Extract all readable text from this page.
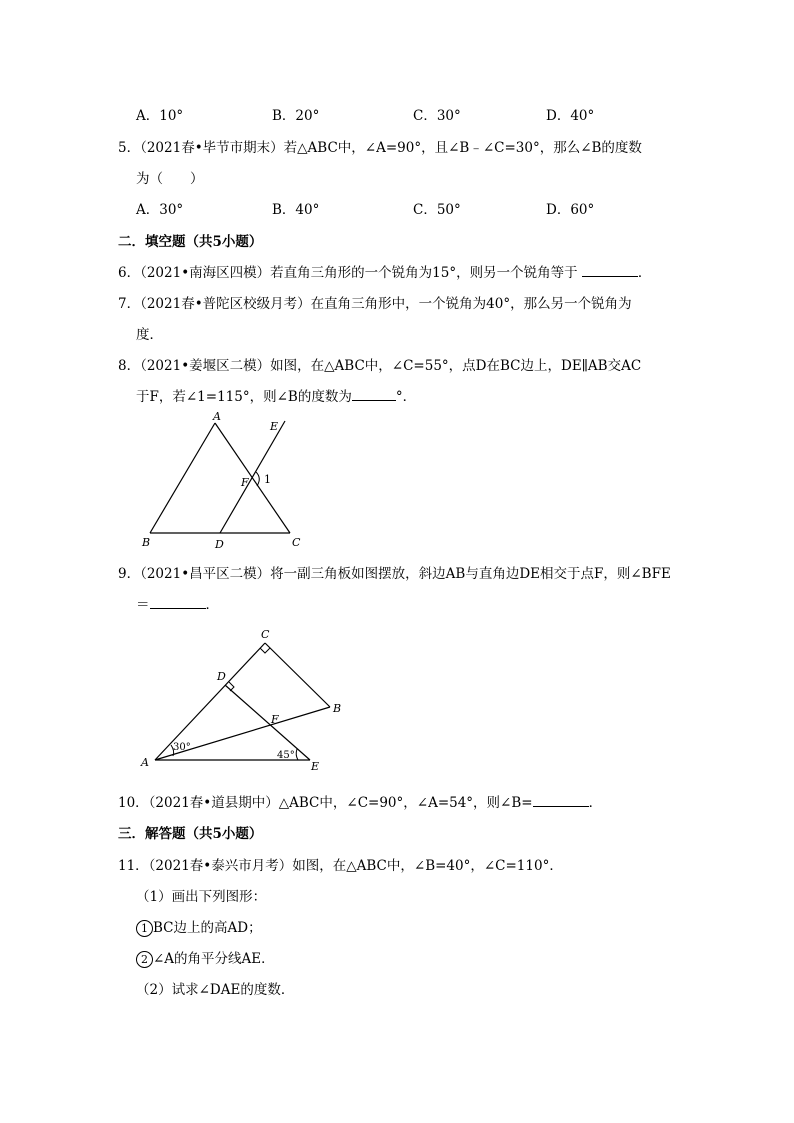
A．10°	B．20°	C．30°	D．40°
5．（2021春•毕节市期末）若△ABC中，∠A=90°，且∠B﹣∠C=30°，那么∠B的度数
为（　　）
A．30°	B．40°	C．50°	D．60°
二．填空题（共5小题）
6．（2021•南海区四模）若直角三角形的一个锐角为15°，则另一个锐角等于	．
7．（2021春•普陀区校级月考）在直角三角形中，一个锐角为40°，那么另一个锐角为
度．
8．（2021•姜堰区二模）如图，在△ABC中，∠C=55°，点D在BC边上，DE∥AB交AC
于F，若∠1=115°，则∠B的度数为	°．
A
B	C
D
E
F 1
9．（2021•昌平区二模）将一副三角板如图摆放，斜边AB与直角边DE相交于点F，则∠BFE
＝	．
C
D
B
F
A	E
30°
45°
10．（2021春•道县期中）△ABC中，∠C=90°，∠A=54°，则∠B=	．
三．解答题（共5小题）
11．（2021春•泰兴市月考）如图，在△ABC中，∠B=40°，∠C=110°．
（1）画出下列图形：
1 BC边上的高AD；
2 ∠A的角平分线AE．
（2）试求∠DAE的度数．
